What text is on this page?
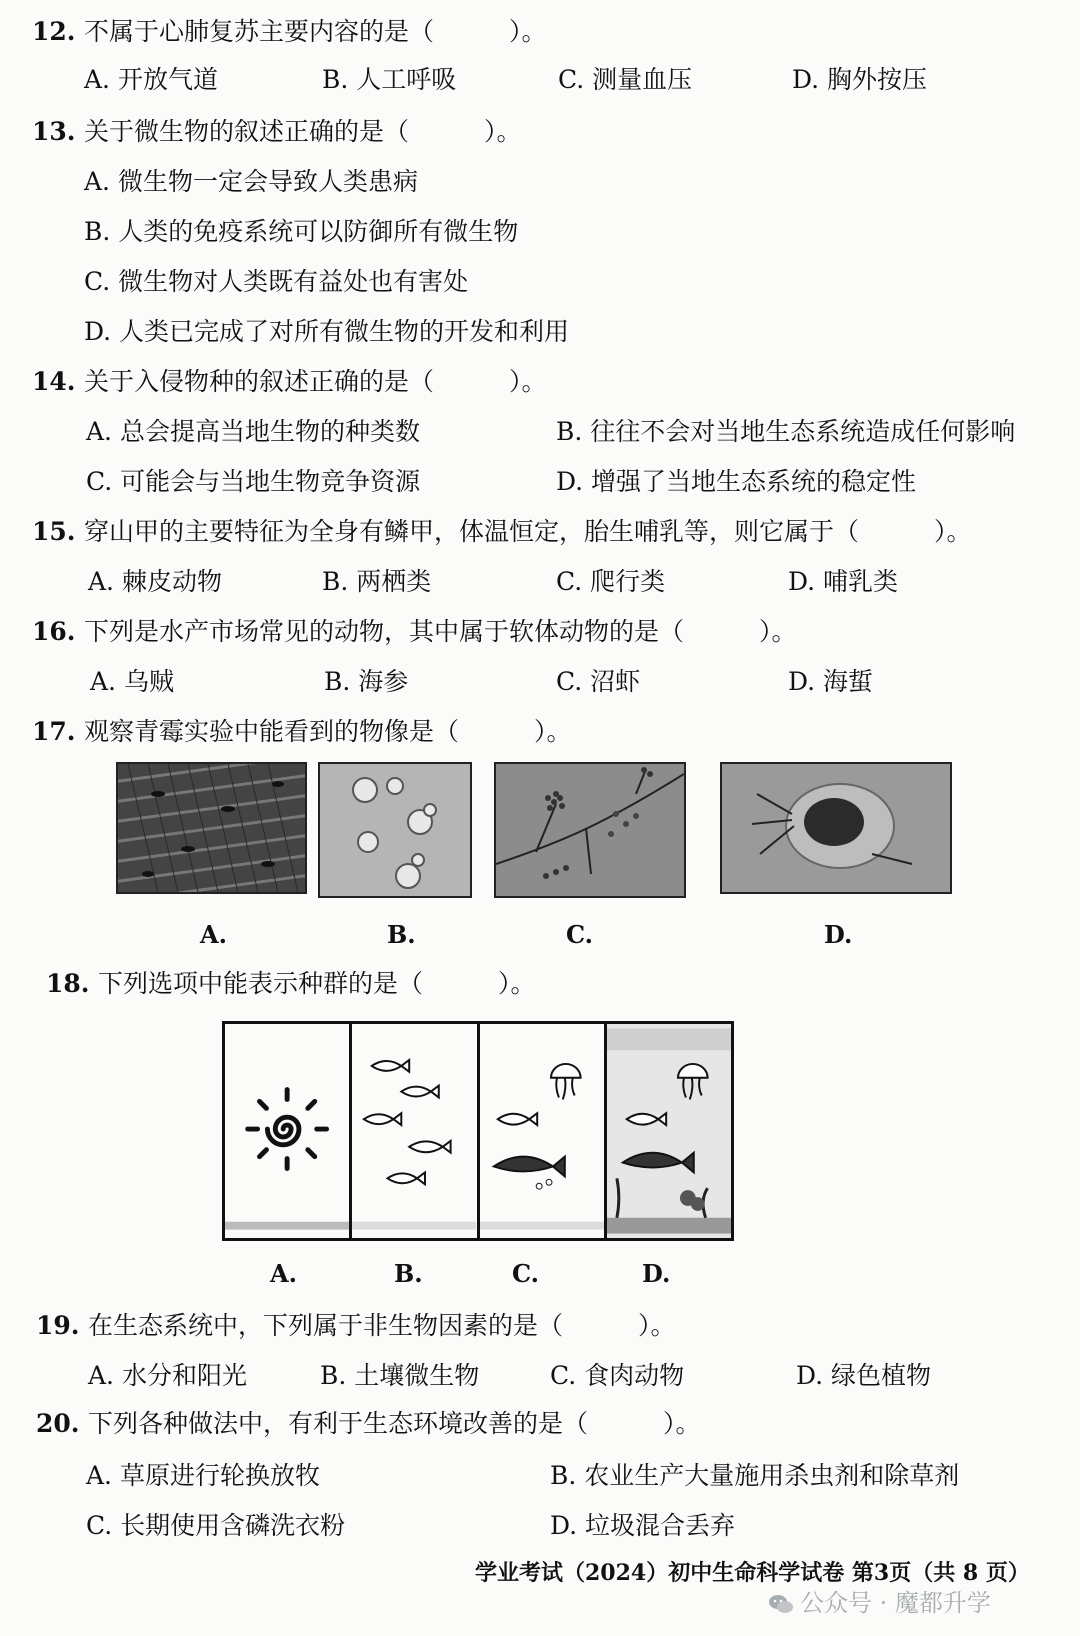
12. 不属于心肺复苏主要内容的是（　　　）。
A. 开放气道	B. 人工呼吸	C. 测量血压	D. 胸外按压
13. 关于微生物的叙述正确的是（　　　）。
A. 微生物一定会导致人类患病
B. 人类的免疫系统可以防御所有微生物
C. 微生物对人类既有益处也有害处
D. 人类已完成了对所有微生物的开发和利用
14. 关于入侵物种的叙述正确的是（　　　）。
A. 总会提高当地生物的种类数	B. 往往不会对当地生态系统造成任何影响
C. 可能会与当地生物竞争资源	D. 增强了当地生态系统的稳定性
15. 穿山甲的主要特征为全身有鳞甲，体温恒定，胎生哺乳等，则它属于（　　　）。
A. 棘皮动物	B. 两栖类	C. 爬行类	D. 哺乳类
16. 下列是水产市场常见的动物，其中属于软体动物的是（　　　）。
A. 乌贼	B. 海参	C. 沼虾	D. 海蜇
17. 观察青霉实验中能看到的物像是（　　　）。
A.	B.	C.	D.
18. 下列选项中能表示种群的是（　　　）。
A.	B.	C.	D.
19. 在生态系统中，下列属于非生物因素的是（　　　）。
A. 水分和阳光	B. 土壤微生物	C. 食肉动物	D. 绿色植物
20. 下列各种做法中，有利于生态环境改善的是（　　　）。
A. 草原进行轮换放牧	B. 农业生产大量施用杀虫剂和除草剂
C. 长期使用含磷洗衣粉	D. 垃圾混合丢弃
学业考试（2024）初中生命科学试卷 第3页（共 8 页）
公众号 · 魔都升学
